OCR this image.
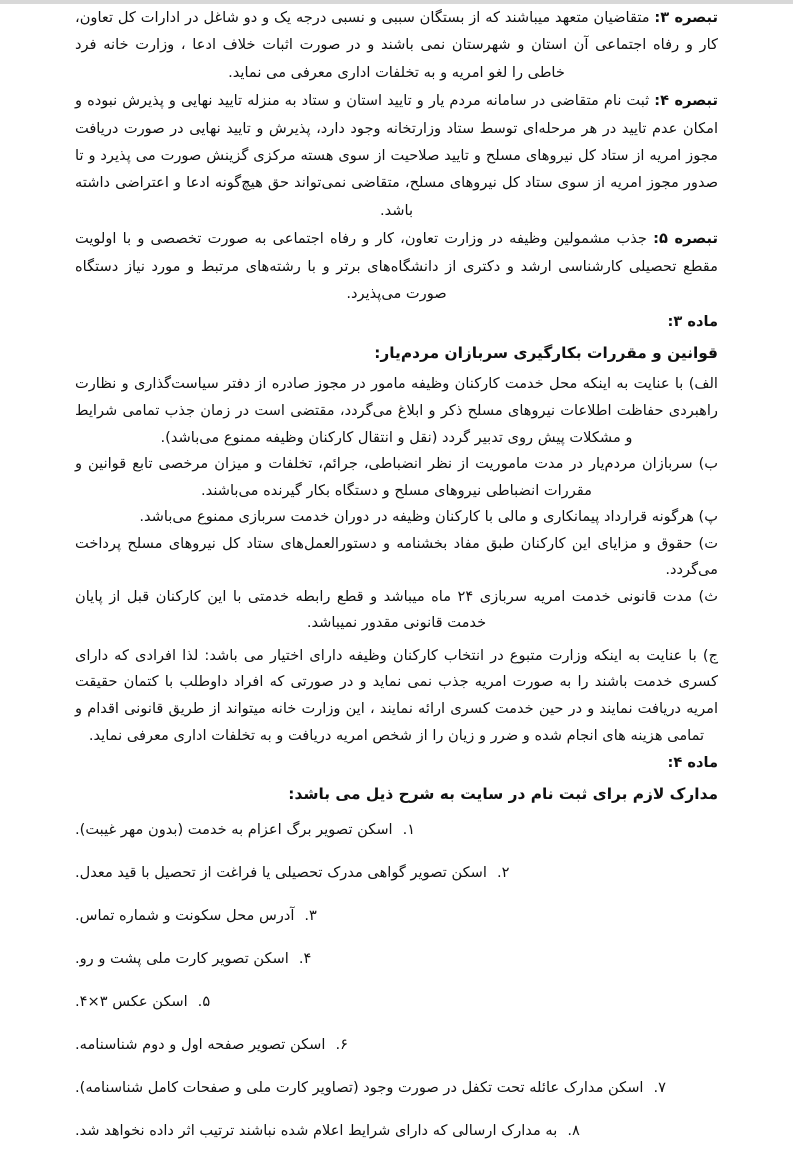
تبصره ۳: متقاضیان متعهد میباشند که از بستگان سببی و نسبی درجه یک و دو شاغل در ادارات کل تعاون، کار و رفاه اجتماعی آن استان و شهرستان نمی باشند و در صورت اثبات خلاف ادعا ، وزارت خانه فرد خاطی را لغو امریه و به تخلفات اداری معرفی می نماید.

تبصره ۴: ثبت نام متقاضی در سامانه مردم یار و تایید استان و ستاد به منزله تایید نهایی و پذیرش نبوده و امکان عدم تایید در هر مرحله‌ای توسط ستاد وزارتخانه وجود دارد، پذیرش و تایید نهایی در صورت دریافت مجوز امریه از ستاد کل نیروهای مسلح و تایید صلاحیت از سوی هسته مرکزی گزینش صورت می پذیرد و تا صدور مجوز امریه از سوی ستاد کل نیروهای مسلح، متقاضی نمی‌تواند حق هیچ‌گونه ادعا و اعتراضی داشته باشد.

تبصره ۵: جذب مشمولین وظیفه در وزارت تعاون، کار و رفاه اجتماعی به صورت تخصصی و با اولویت مقطع تحصیلی کارشناسی ارشد و دکتری از دانشگاه‌های برتر و با رشته‌های مرتبط و مورد نیاز دستگاه صورت می‌پذیرد.

ماده ۳:

قوانین و مقررات بکارگیری سربازان مردم‌یار:

الف) با عنایت به اینکه محل خدمت کارکنان وظیفه مامور در مجوز صادره از دفتر سیاست‌گذاری و نظارت راهبردی حفاظت اطلاعات نیروهای مسلح ذکر و ابلاغ می‌گردد، مقتضی است در زمان جذب تمامی شرایط و مشکلات پیش روی تدبیر گردد (نقل و انتقال کارکنان وظیفه ممنوع می‌باشد).

ب) سربازان مردم‌یار در مدت ماموریت از نظر انضباطی، جرائم، تخلفات و میزان مرخصی تابع قوانین و مقررات انضباطی نیروهای مسلح و دستگاه بکار گیرنده می‌باشند.

پ) هرگونه قرارداد پیمانکاری و مالی با کارکنان وظیفه در دوران خدمت سربازی ممنوع می‌باشد.

ت) حقوق و مزایای این کارکنان طبق مفاد بخشنامه و دستورالعمل‌های ستاد کل نیروهای مسلح پرداخت می‌گردد.

ث) مدت قانونی خدمت امریه سربازی ۲۴ ماه میباشد و قطع رابطه خدمتی با این کارکنان قبل از پایان خدمت قانونی مقدور نمیباشد.

ج) با عنایت به اینکه وزارت متبوع در انتخاب کارکنان وظیفه دارای اختیار می باشد: لذا افرادی که دارای کسری خدمت باشند را به صورت امریه جذب نمی نماید و در صورتی که افراد داوطلب با کتمان حقیقت امریه دریافت نمایند و در حین خدمت کسری ارائه نمایند ، این وزارت خانه میتواند از طریق قانونی اقدام و تمامی هزینه های انجام شده و ضرر و زیان را از شخص امریه دریافت و به تخلفات اداری معرفی نماید.

ماده ۴:

مدارک لازم برای ثبت نام در سایت به شرح ذیل می باشد:

۱.
اسکن تصویر برگ اعزام به خدمت (بدون مهر غیبت).
۲.
اسکن تصویر گواهی مدرک تحصیلی یا فراغت از تحصیل با قید معدل.
۳.
آدرس محل سکونت و شماره تماس.
۴.
اسکن تصویر کارت ملی پشت و رو.
۵.
اسکن عکس ۳×۴.
۶.
اسکن تصویر صفحه اول و دوم شناسنامه.
۷.
اسکن مدارک عائله تحت تکفل در صورت وجود (تصاویر کارت ملی و صفحات کامل شناسنامه).
۸.
به مدارک ارسالی که دارای شرایط اعلام شده نباشند ترتیب اثر داده نخواهد شد.
